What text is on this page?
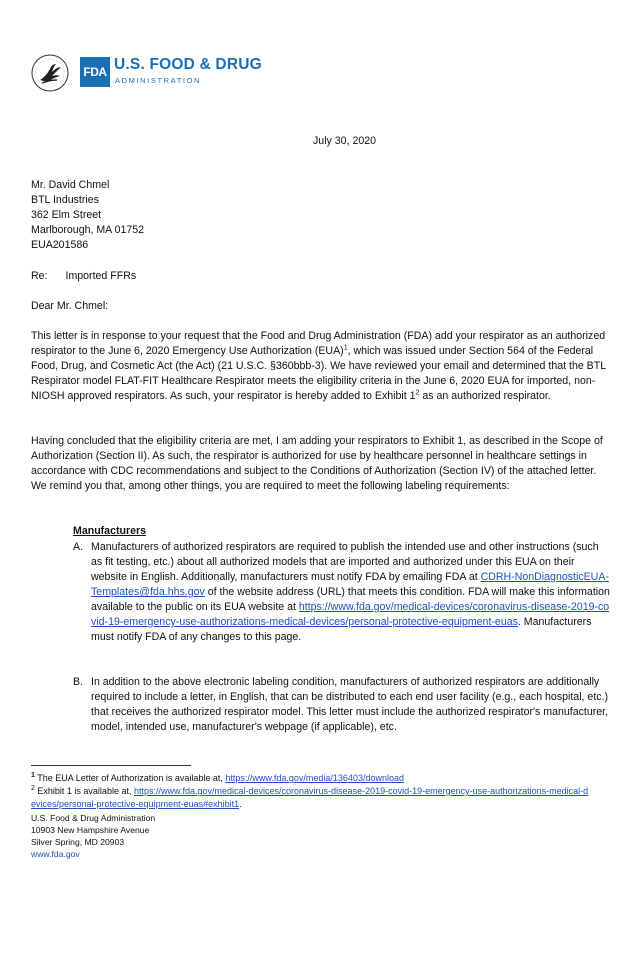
FDA U.S. FOOD & DRUG
ADMINISTRATION
July 30, 2020
Mr. David Chmel
BTL Industries
362 Elm Street
Marlborough, MA 01752
EUA201586
Re: Imported FFRs
Dear Mr. Chmel:
This letter is in response to your request that the Food and Drug Administration (FDA) add your respirator as an authorized respirator to the June 6, 2020 Emergency Use Authorization (EUA)$^1$, which was issued under Section 564 of the Federal Food, Drug, and Cosmetic Act (the Act) (21 U.S.C. §360bbb-3). We have reviewed your email and determined that the BTL Respirator model FLAT-FIT Healthcare Respirator meets the eligibility criteria in the June 6, 2020 EUA for imported, non-NIOSH approved respirators. As such, your respirator is hereby added to Exhibit $1^2$ as an authorized respirator.
Having concluded that the eligibility criteria are met, I am adding your respirators to Exhibit 1, as described in the Scope of Authorization (Section II). As such, the respirator is authorized for use by healthcare personnel in healthcare settings in accordance with CDC recommendations and subject to the Conditions of Authorization (Section IV) of the attached letter. We remind you that, among other things, you are required to meet the following labeling requirements:
Manufacturers
A. Manufacturers of authorized respirators are required to publish the intended use and other instructions (such as fit testing, etc.) about all authorized models that are imported and authorized under this EUA on their website in English. Additionally, manufacturers must notify FDA by emailing FDA at CDRH-NonDiagnosticEUA-Templates@fda.hhs.gov of the website address (URL) that meets this condition. FDA will make this information available to the public on its EUA website at https://www.fda.gov/medical-devices/coronavirus-disease-2019-covid-19-emergency-use-authorizations-medical-devices/personal-protective-equipment-euas. Manufacturers must notify FDA of any changes to this page.
B. In addition to the above electronic labeling condition, manufacturers of authorized respirators are additionally required to include a letter, in English, that can be distributed to each end user facility (e.g., each hospital, etc.) that receives the authorized respirator model. This letter must include the authorized respirator's manufacturer, model, intended use, manufacturer's webpage (if applicable), etc.
$^1$ The EUA Letter of Authorization is available at, https://www.fda.gov/media/136403/download
$^2$ Exhibit 1 is available at, https://www.fda.gov/medical-devices/coronavirus-disease-2019-covid-19-emergency-use-authorizations-medical-devices/personal-protective-equipment-euas#exhibit1.
U.S. Food & Drug Administration
10903 New Hampshire Avenue
Silver Spring, MD 20903
www.fda.gov
